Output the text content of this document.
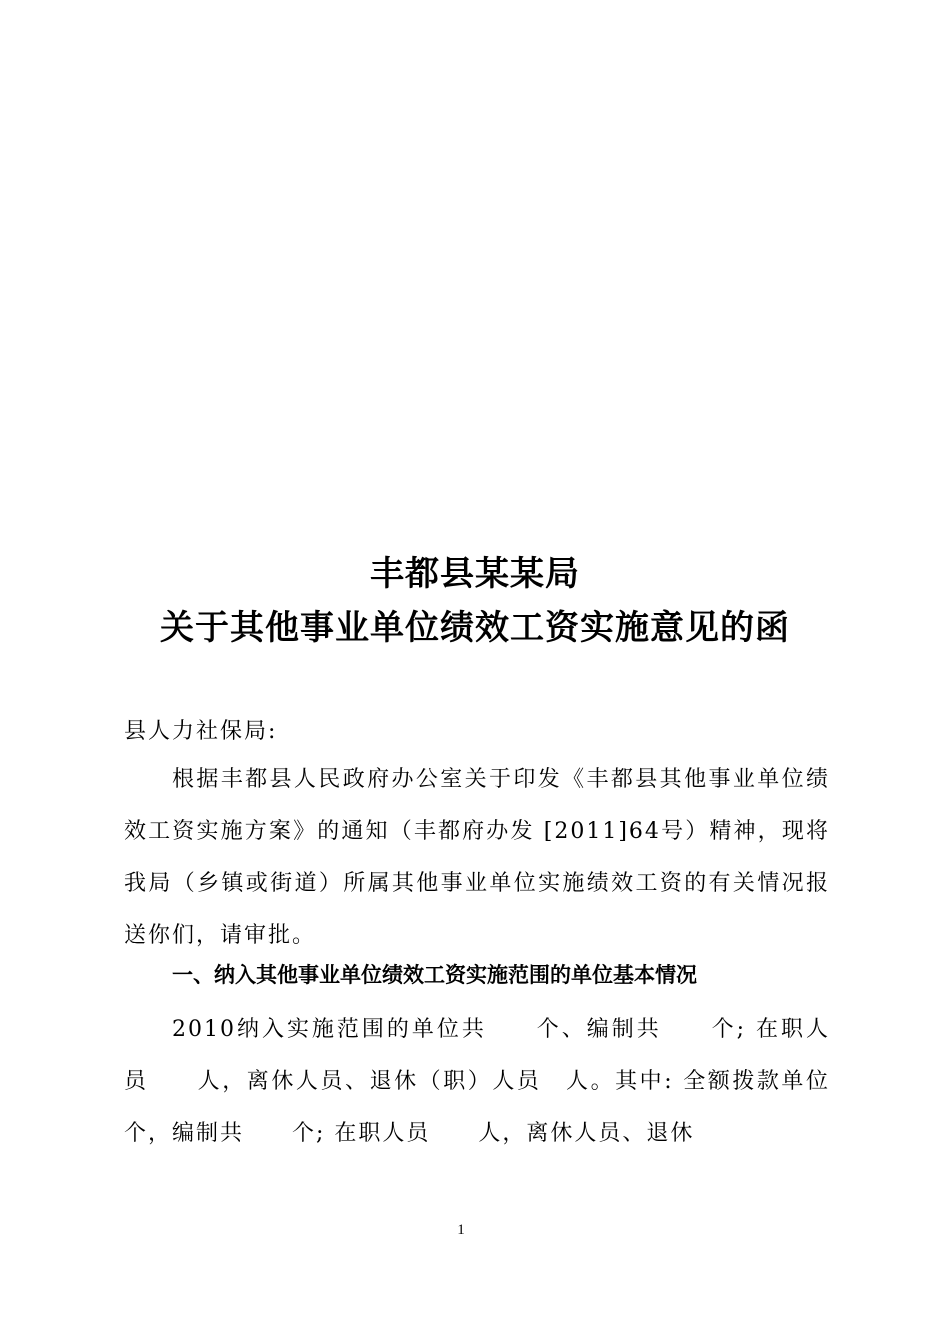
丰都县某某局
关于其他事业单位绩效工资实施意见的函

县人力社保局:

根据丰都县人民政府办公室关于印发《丰都县其他事业单位绩效工资实施方案》的通知（丰都府办发 [2011]64号）精神，现将我局（乡镇或街道）所属其他事业单位实施绩效工资的有关情况报送你们，请审批。

一、纳入其他事业单位绩效工资实施范围的单位基本情况

2010纳入实施范围的单位共　　个、编制共　　个; 在职人员　　人，离休人员、退休（职）人员　人。其中: 全额拨款单位　　个，编制共　　个; 在职人员　　人，离休人员、退休

1
